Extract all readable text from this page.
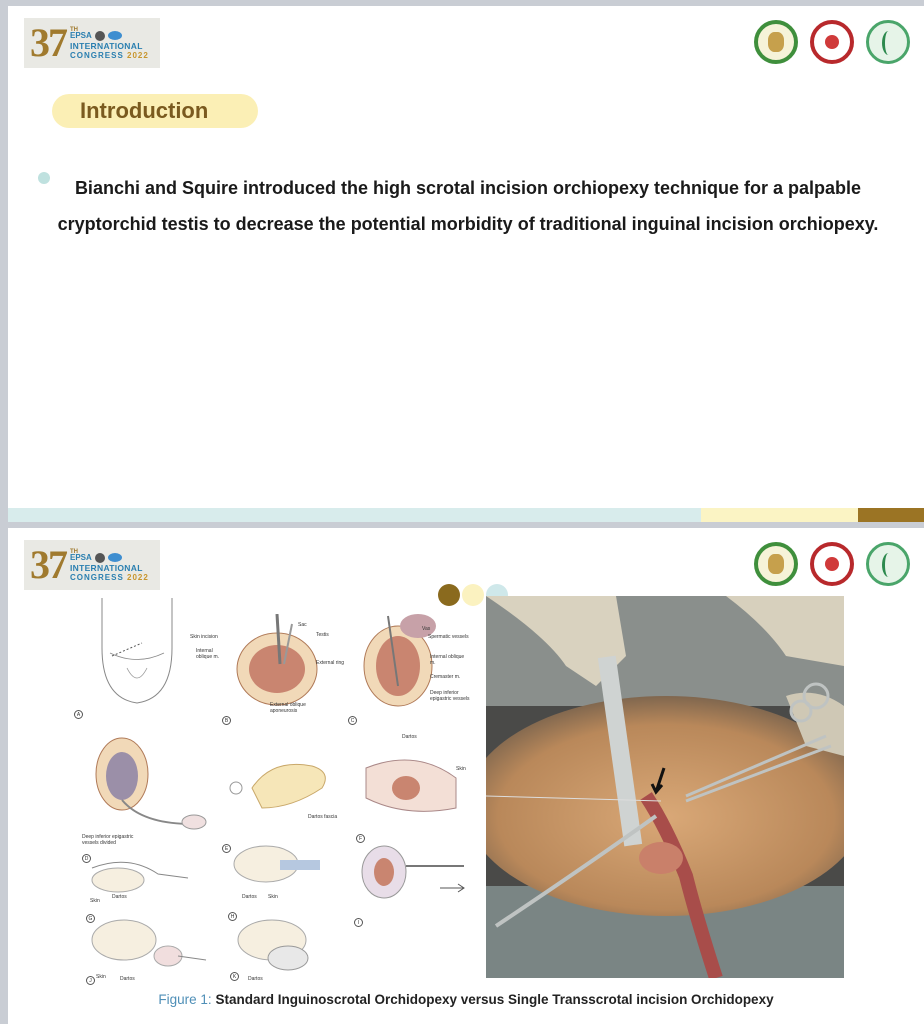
37 TH
EPSA
INTERNATIONAL
CONGRESS 2022
Introduction
Bianchi and Squire introduced the high scrotal incision orchiopexy technique for a palpable cryptorchid testis to decrease the potential morbidity of traditional inguinal incision orchiopexy.
37 TH
EPSA
INTERNATIONAL
CONGRESS 2022
Skin incision
A
Sac
Testis
Internal oblique m.
External ring
External oblique aponeurosis
B
Vas
Spermatic vessels
Internal oblique m.
Cremaster m.
Deep inferior epigastric vessels
C
Deep inferior epigastric vessels divided
D
Dartos fascia
E
Dartos
Skin
F
Skin
Dartos
G
Dartos Skin
H
I
Skin	Dartos
J	Dartos
K
Figure 1: Standard Inguinoscrotal Orchidopexy versus Single Transscrotal incision Orchidopexy
